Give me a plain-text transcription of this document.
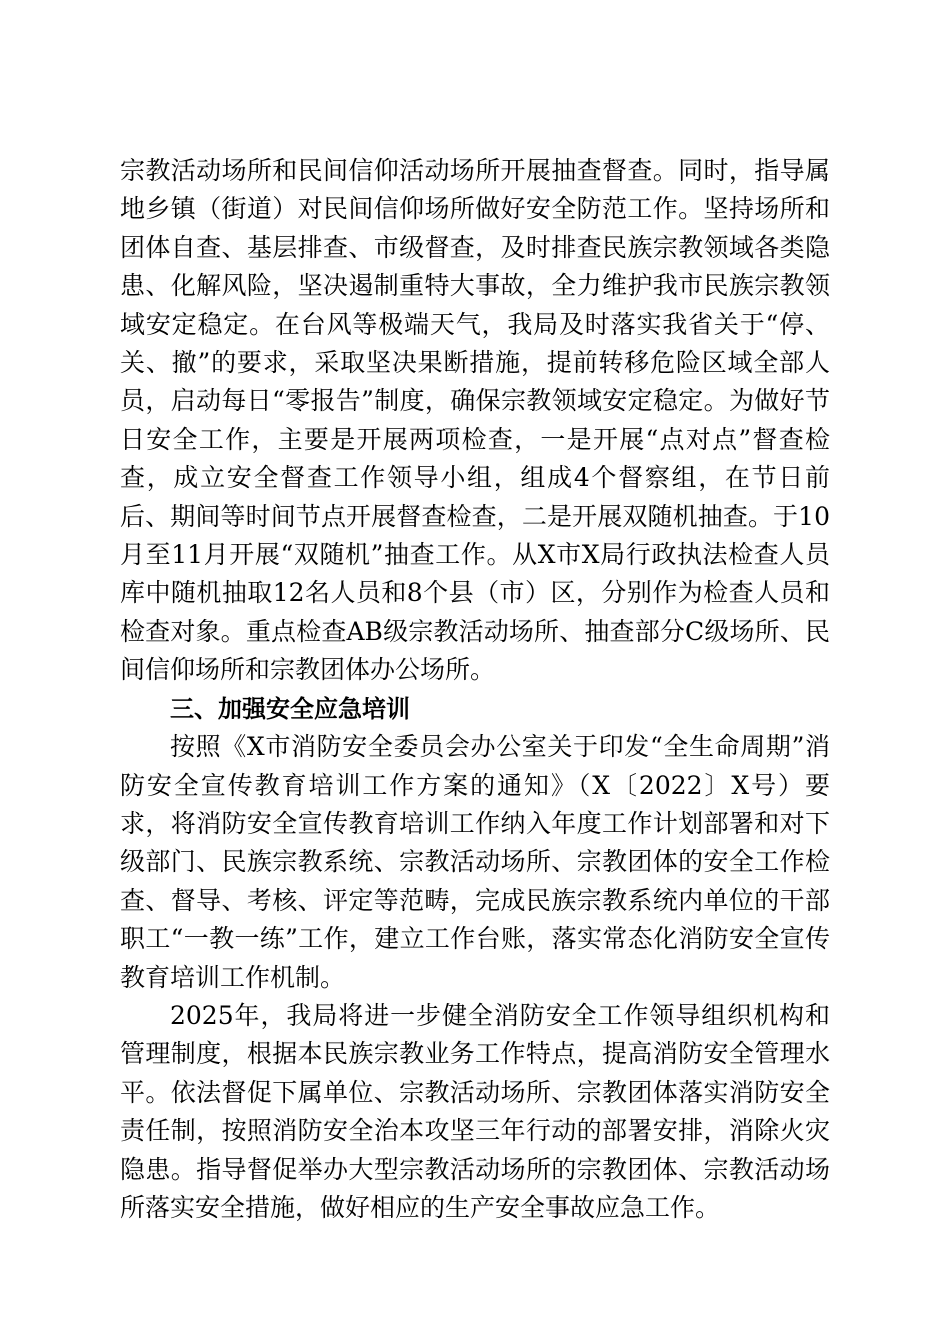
宗教活动场所和民间信仰活动场所开展抽查督查。同时，指导属地乡镇（街道）对民间信仰场所做好安全防范工作。坚持场所和团体自查、基层排查、市级督查，及时排查民族宗教领域各类隐患、化解风险，坚决遏制重特大事故，全力维护我市民族宗教领域安定稳定。在台风等极端天气，我局及时落实我省关于“停、关、撤”的要求，采取坚决果断措施，提前转移危险区域全部人员，启动每日“零报告”制度，确保宗教领域安定稳定。为做好节日安全工作，主要是开展两项检查，一是开展“点对点”督查检查，成立安全督查工作领导小组，组成4个督察组，在节日前后、期间等时间节点开展督查检查，二是开展双随机抽查。于10月至11月开展“双随机”抽查工作。从X市X局行政执法检查人员库中随机抽取12名人员和8个县（市）区，分别作为检查人员和检查对象。重点检查AB级宗教活动场所、抽查部分C级场所、民间信仰场所和宗教团体办公场所。

三、加强安全应急培训

按照《X市消防安全委员会办公室关于印发“全生命周期”消防安全宣传教育培训工作方案的通知》（X〔2022〕X号）要求，将消防安全宣传教育培训工作纳入年度工作计划部署和对下级部门、民族宗教系统、宗教活动场所、宗教团体的安全工作检查、督导、考核、评定等范畴，完成民族宗教系统内单位的干部职工“一教一练”工作，建立工作台账，落实常态化消防安全宣传教育培训工作机制。

2025年，我局将进一步健全消防安全工作领导组织机构和管理制度，根据本民族宗教业务工作特点，提高消防安全管理水平。依法督促下属单位、宗教活动场所、宗教团体落实消防安全责任制，按照消防安全治本攻坚三年行动的部署安排，消除火灾隐患。指导督促举办大型宗教活动场所的宗教团体、宗教活动场所落实安全措施，做好相应的生产安全事故应急工作。
